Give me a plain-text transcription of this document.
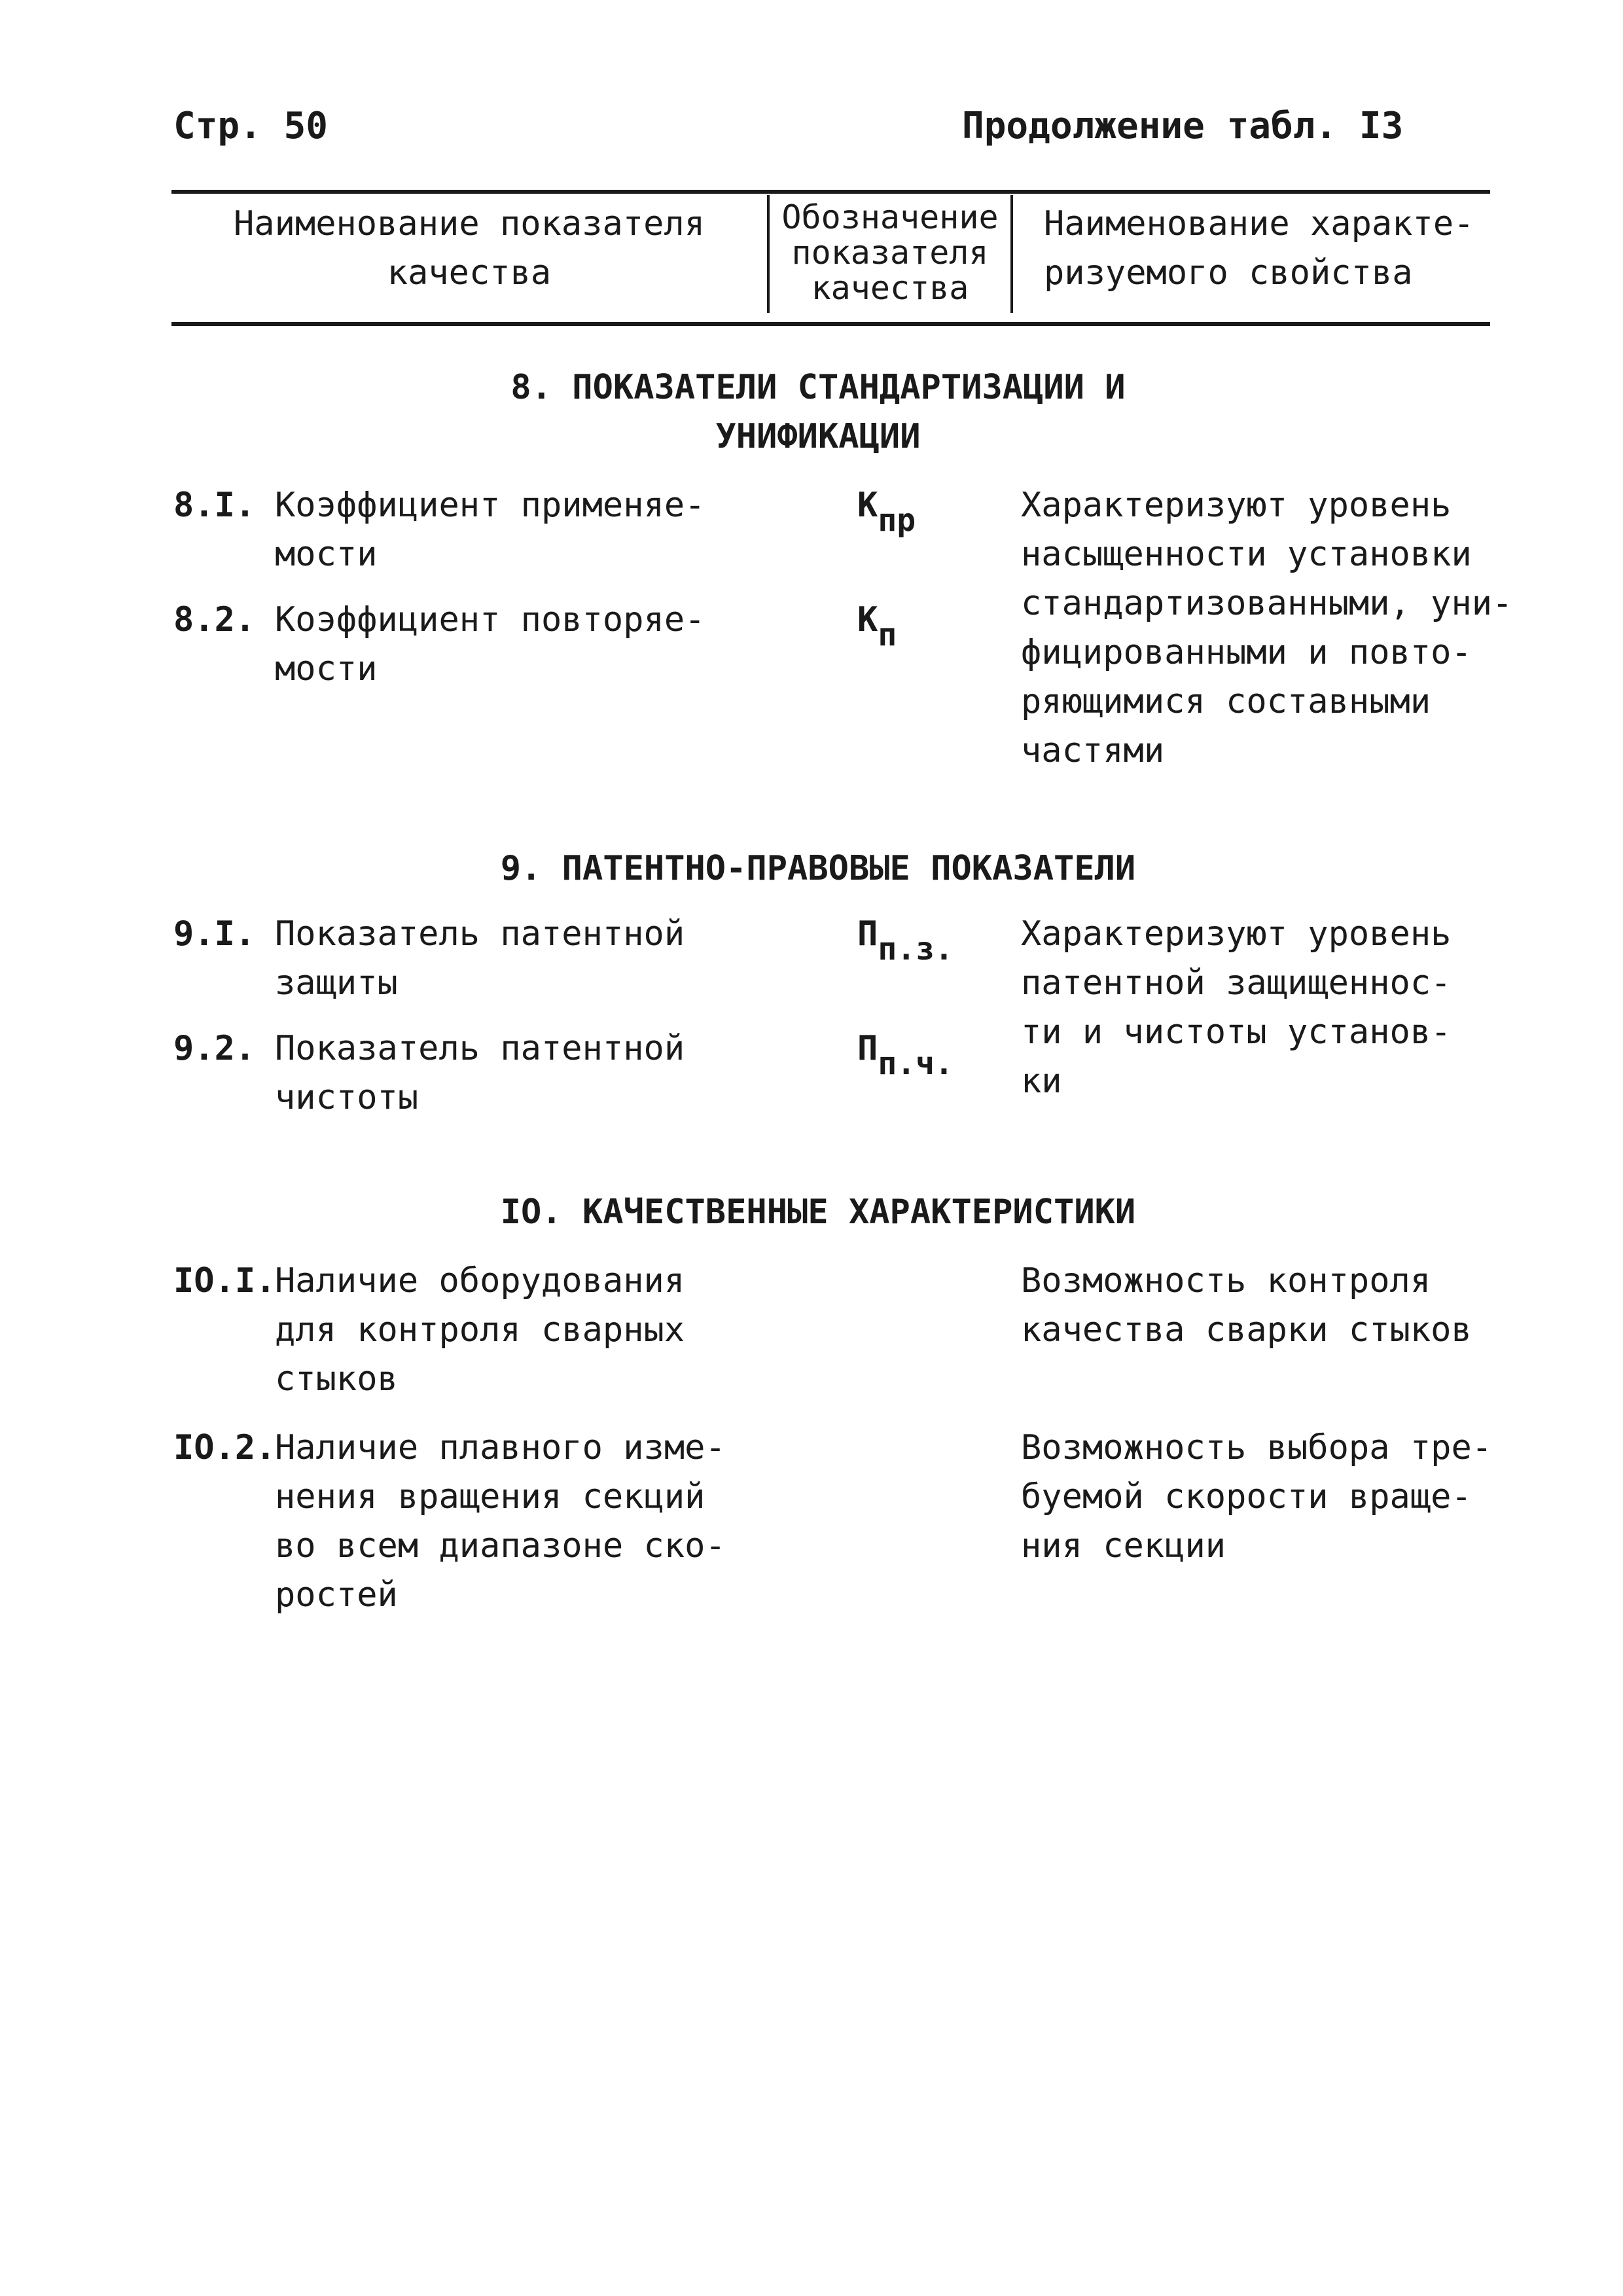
Стр. 50	Продолжение табл. I3
Наименование показателя
качества
Обозначение
показателя
качества
Наименование характе-
ризуемого свойства
8. ПОКАЗАТЕЛИ СТАНДАРТИЗАЦИИ И
УНИФИКАЦИИ
8.I. Коэффициент применяе-
мости
$К_{пр}$
8.2. Коэффициент повторяе-
мости
$К_п$
Характеризуют уровень
насыщенности установки
стандартизованными, уни-
фицированными и повто-
ряющимися составными
частями
9. ПАТЕНТНО-ПРАВОВЫЕ ПОКАЗАТЕЛИ
9.I. Показатель патентной
защиты
$П_{п.з.}$
9.2. Показатель патентной
чистоты
$П_{п.ч.}$
Характеризуют уровень
патентной защищеннос-
ти и чистоты установ-
ки
IO. КАЧЕСТВЕННЫЕ ХАРАКТЕРИСТИКИ
IO.I.
Наличие оборудования
для контроля сварных
стыков
Возможность контроля
качества сварки стыков
IO.2.
Наличие плавного изме-
нения вращения секций
во всем диапазоне ско-
ростей
Возможность выбора тре-
буемой скорости враще-
ния секции
